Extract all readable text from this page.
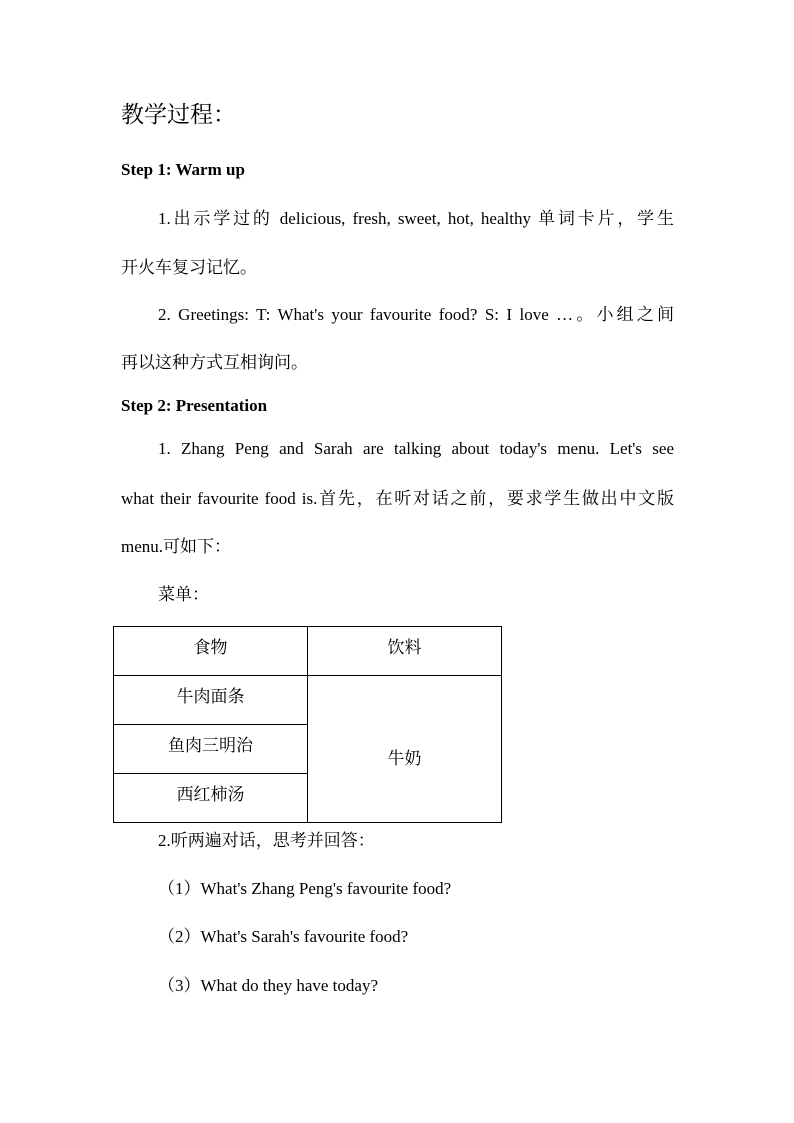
教学过程：
Step 1: Warm up
1.出示学过的 delicious, fresh, sweet, hot, healthy 单词卡片，学生
开火车复习记忆。
2. Greetings: T: What's your favourite food? S: I love …。小组之间
再以这种方式互相询问。
Step 2: Presentation
1. Zhang Peng and Sarah are talking about today's menu. Let's see
what their favourite food is.首先，在听对话之前，要求学生做出中文版
menu.可如下：
菜单：
食物	饮料
牛肉面条	牛奶
鱼肉三明治	
西红柿汤	
2.听两遍对话，思考并回答：
（1）What's Zhang Peng's favourite food?
（2）What's Sarah's favourite food?
（3）What do they have today?
